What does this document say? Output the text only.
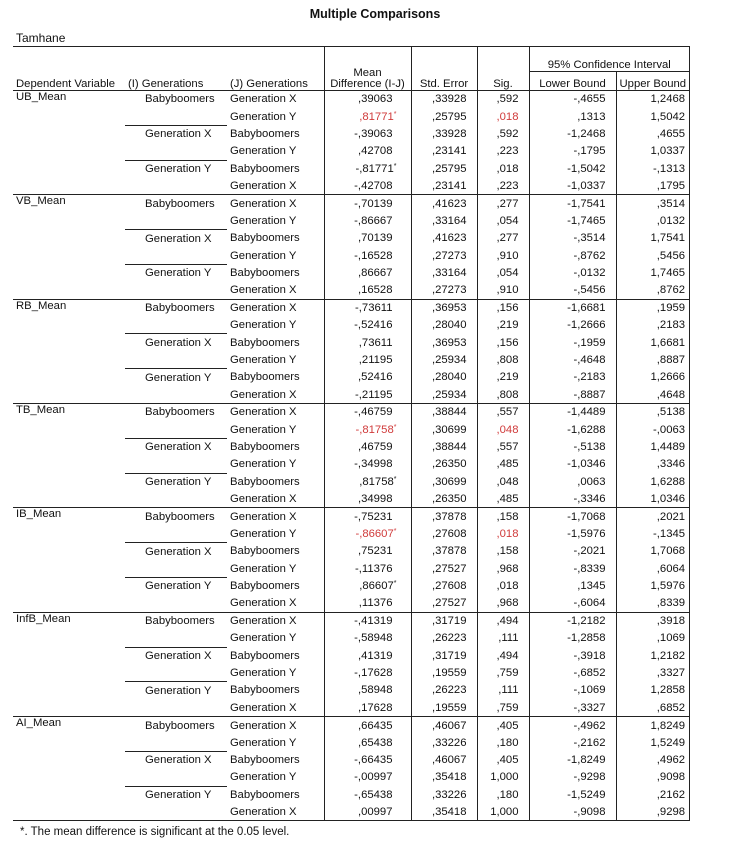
Multiple Comparisons
Tamhane
Dependent Variable	(I) Generations	(J) Generations	Mean Difference (I-J)	Std. Error	Sig.	95% Confidence Interval	
						Lower Bound	Upper Bound
UB_Mean	Babyboomers	Generation X	,39063	,33928	,592	-,4655	1,2468
		Generation Y	,81771*	,25795	,018	,1313	1,5042
	Generation X	Babyboomers	-,39063	,33928	,592	-1,2468	,4655
		Generation Y	,42708	,23141	,223	-,1795	1,0337
	Generation Y	Babyboomers	-,81771*	,25795	,018	-1,5042	-,1313
		Generation X	-,42708	,23141	,223	-1,0337	,1795
VB_Mean	Babyboomers	Generation X	-,70139	,41623	,277	-1,7541	,3514
		Generation Y	-,86667	,33164	,054	-1,7465	,0132
	Generation X	Babyboomers	,70139	,41623	,277	-,3514	1,7541
		Generation Y	-,16528	,27273	,910	-,8762	,5456
	Generation Y	Babyboomers	,86667	,33164	,054	-,0132	1,7465
		Generation X	,16528	,27273	,910	-,5456	,8762
RB_Mean	Babyboomers	Generation X	-,73611	,36953	,156	-1,6681	,1959
		Generation Y	-,52416	,28040	,219	-1,2666	,2183
	Generation X	Babyboomers	,73611	,36953	,156	-,1959	1,6681
		Generation Y	,21195	,25934	,808	-,4648	,8887
	Generation Y	Babyboomers	,52416	,28040	,219	-,2183	1,2666
		Generation X	-,21195	,25934	,808	-,8887	,4648
TB_Mean	Babyboomers	Generation X	-,46759	,38844	,557	-1,4489	,5138
		Generation Y	-,81758*	,30699	,048	-1,6288	-,0063
	Generation X	Babyboomers	,46759	,38844	,557	-,5138	1,4489
		Generation Y	-,34998	,26350	,485	-1,0346	,3346
	Generation Y	Babyboomers	,81758*	,30699	,048	,0063	1,6288
		Generation X	,34998	,26350	,485	-,3346	1,0346
IB_Mean	Babyboomers	Generation X	-,75231	,37878	,158	-1,7068	,2021
		Generation Y	-,86607*	,27608	,018	-1,5976	-,1345
	Generation X	Babyboomers	,75231	,37878	,158	-,2021	1,7068
		Generation Y	-,11376	,27527	,968	-,8339	,6064
	Generation Y	Babyboomers	,86607*	,27608	,018	,1345	1,5976
		Generation X	,11376	,27527	,968	-,6064	,8339
InfB_Mean	Babyboomers	Generation X	-,41319	,31719	,494	-1,2182	,3918
		Generation Y	-,58948	,26223	,111	-1,2858	,1069
	Generation X	Babyboomers	,41319	,31719	,494	-,3918	1,2182
		Generation Y	-,17628	,19559	,759	-,6852	,3327
	Generation Y	Babyboomers	,58948	,26223	,111	-,1069	1,2858
		Generation X	,17628	,19559	,759	-,3327	,6852
AI_Mean	Babyboomers	Generation X	,66435	,46067	,405	-,4962	1,8249
		Generation Y	,65438	,33226	,180	-,2162	1,5249
	Generation X	Babyboomers	-,66435	,46067	,405	-1,8249	,4962
		Generation Y	-,00997	,35418	1,000	-,9298	,9098
	Generation Y	Babyboomers	-,65438	,33226	,180	-1,5249	,2162
		Generation X	,00997	,35418	1,000	-,9098	,9298
*. The mean difference is significant at the 0.05 level.
